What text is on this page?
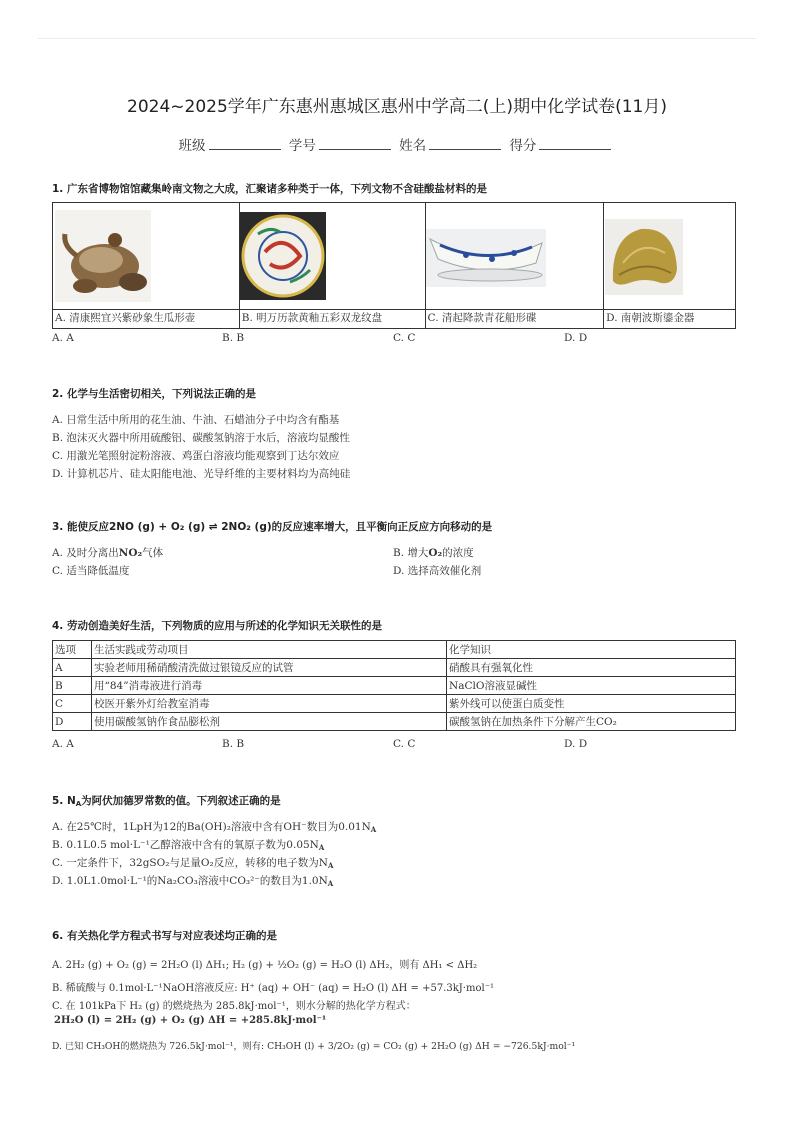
2024~2025学年广东惠州惠城区惠州中学高二(上)期中化学试卷(11月)
班级	学号	姓名	得分
1. 广东省博物馆馆藏集岭南文物之大成，汇聚诸多种类于一体，下列文物不含硅酸盐材料的是

A. 清康熙宜兴紫砂象生瓜形壶	B. 明万历款黄釉五彩双龙纹盘	C. 清起降款青花船形碟	D. 南朝波斯鎏金器
A. A	B. B	C. C	D. D
2. 化学与生活密切相关，下列说法正确的是
A. 日常生活中所用的花生油、牛油、石蜡油分子中均含有酯基
B. 泡沫灭火器中所用硫酸铝、碳酸氢钠溶于水后，溶液均显酸性
C. 用激光笔照射淀粉溶液、鸡蛋白溶液均能观察到丁达尔效应
D. 计算机芯片、硅太阳能电池、光导纤维的主要材料均为高纯硅
3. 能使反应2NO (g) + O₂ (g) ⇌ 2NO₂ (g)的反应速率增大，且平衡向正反应方向移动的是
A. 及时分离出NO₂气体	B. 增大O₂的浓度
C. 适当降低温度	D. 选择高效催化剂
4. 劳动创造美好生活，下列物质的应用与所述的化学知识无关联性的是
选项	生活实践或劳动项目	化学知识
A	实验老师用稀硝酸清洗做过银镜反应的试管	硝酸具有强氧化性
B	用“84”消毒液进行消毒	NaClO溶液显碱性
C	校医开紫外灯给教室消毒	紫外线可以使蛋白质变性
D	使用碳酸氢钠作食品膨松剂	碳酸氢钠在加热条件下分解产生CO₂
A. A	B. B	C. C	D. D
5. $N_A$为阿伏加德罗常数的值。下列叙述正确的是
A. 在25℃时，1LpH为12的Ba(OH)₂溶液中含有OH⁻数目为$0.01N_A$
B. 0.1L0.5 mol·L⁻¹乙醇溶液中含有的氧原子数为$0.05N_A$
C. 一定条件下，32gSO₂与足量O₂反应，转移的电子数为$N_A$
D. 1.0L1.0mol·L⁻¹的Na₂CO₃溶液中CO₃²⁻的数目为$1.0N_A$
6. 有关热化学方程式书写与对应表述均正确的是
A. 2H₂ (g) + O₂ (g) = 2H₂O (l) ΔH₁; H₂ (g) + ½O₂ (g) = H₂O (l) ΔH₂，则有 ΔH₁ < ΔH₂
B. 稀硫酸与 0.1mol·L⁻¹NaOH溶液反应: H⁺ (aq) + OH⁻ (aq) = H₂O (l) ΔH = +57.3kJ·mol⁻¹
C. 在 101kPa下 H₂ (g) 的燃烧热为 285.8kJ·mol⁻¹，则水分解的热化学方程式：
2H₂O (l) = 2H₂ (g) + O₂ (g) ΔH = +285.8kJ·mol⁻¹
D. 已知 CH₃OH的燃烧热为 726.5kJ·mol⁻¹，则有: CH₃OH (l) + 3/2O₂ (g) = CO₂ (g) + 2H₂O (g) ΔH = −726.5kJ·mol⁻¹
